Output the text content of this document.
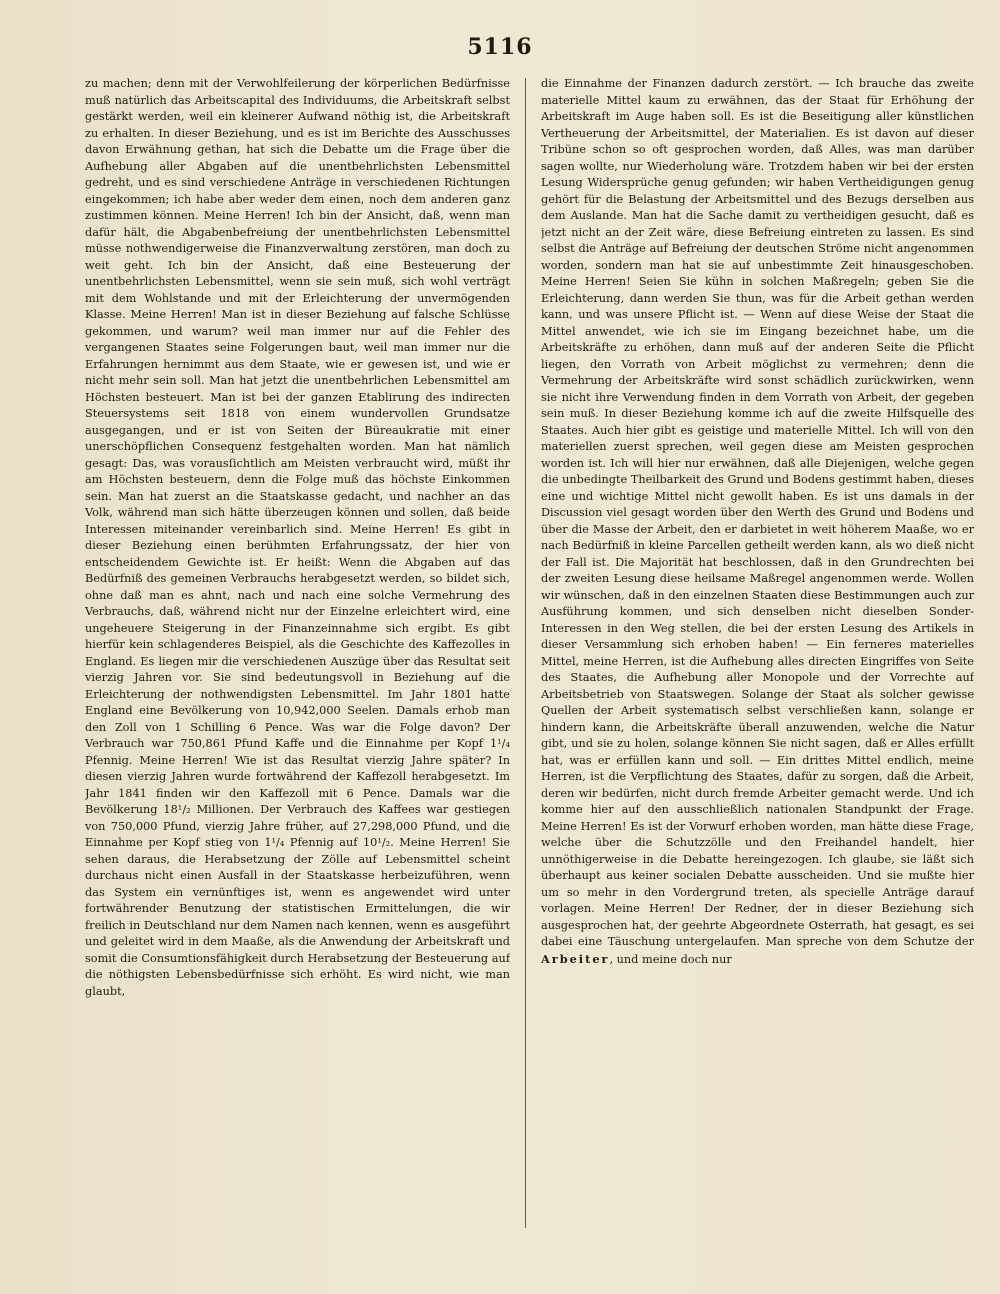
5116

zu machen; denn mit der Verwohlfeilerung der körperlichen Bedürfnisse muß natürlich das Arbeitscapital des Individuums, die Arbeitskraft selbst gestärkt werden, weil ein kleinerer Aufwand nöthig ist, die Arbeitskraft zu erhalten. In dieser Beziehung, und es ist im Berichte des Ausschusses davon Erwähnung gethan, hat sich die Debatte um die Frage über die Aufhebung aller Abgaben auf die unentbehrlichsten Lebensmittel gedreht, und es sind verschiedene Anträge in verschiedenen Richtungen eingekommen; ich habe aber weder dem einen, noch dem anderen ganz zustimmen können. Meine Herren! Ich bin der Ansicht, daß, wenn man dafür hält, die Abgabenbefreiung der unentbehrlichsten Lebensmittel müsse nothwendigerweise die Finanzverwaltung zerstören, man doch zu weit geht. Ich bin der Ansicht, daß eine Besteuerung der unentbehrlichsten Lebensmittel, wenn sie sein muß, sich wohl verträgt mit dem Wohlstande und mit der Erleichterung der unvermögenden Klasse. Meine Herren! Man ist in dieser Beziehung auf falsche Schlüsse gekommen, und warum? weil man immer nur auf die Fehler des vergangenen Staates seine Folgerungen baut, weil man immer nur die Erfahrungen hernimmt aus dem Staate, wie er gewesen ist, und wie er nicht mehr sein soll. Man hat jetzt die unentbehrlichen Lebensmittel am Höchsten besteuert. Man ist bei der ganzen Etablirung des indirecten Steuersystems seit 1818 von einem wundervollen Grundsatze ausgegangen, und er ist von Seiten der Büreaukratie mit einer unerschöpflichen Consequenz festgehalten worden. Man hat nämlich gesagt: Das, was vorausſichtlich am Meisten verbraucht wird, müßt ihr am Höchsten besteuern, denn die Folge muß das höchste Einkommen sein. Man hat zuerst an die Staatskasse gedacht, und nachher an das Volk, während man sich hätte überzeugen können und sollen, daß beide Interessen miteinander vereinbarlich sind. Meine Herren! Es gibt in dieser Beziehung einen berühmten Erfahrungssatz, der hier von entscheidendem Gewichte ist. Er heißt: Wenn die Abgaben auf das Bedürfniß des gemeinen Verbrauchs herabgesetzt werden, so bildet sich, ohne daß man es ahnt, nach und nach eine solche Vermehrung des Verbrauchs, daß, während nicht nur der Einzelne erleichtert wird, eine ungeheuere Steigerung in der Finanzeinnahme sich ergibt. Es gibt hierfür kein schlagenderes Beispiel, als die Geschichte des Kaffezolles in England. Es liegen mir die verschiedenen Auszüge über das Resultat seit vierzig Jahren vor. Sie sind bedeutungsvoll in Beziehung auf die Erleichterung der nothwendigsten Lebensmittel. Im Jahr 1801 hatte England eine Bevölkerung von 10,942,000 Seelen. Damals erhob man den Zoll von 1 Schilling 6 Pence. Was war die Folge davon? Der Verbrauch war 750,861 Pfund Kaffe und die Einnahme per Kopf 1¹/₄ Pfennig. Meine Herren! Wie ist das Resultat vierzig Jahre später? In diesen vierzig Jahren wurde fortwährend der Kaffezoll herabgesetzt. Im Jahr 1841 finden wir den Kaffezoll mit 6 Pence. Damals war die Bevölkerung 18¹/₂ Millionen. Der Verbrauch des Kaffees war gestiegen von 750,000 Pfund, vierzig Jahre früher, auf 27,298,000 Pfund, und die Einnahme per Kopf stieg von 1¹/₄ Pfennig auf 10¹/₂. Meine Herren! Sie sehen daraus, die Herabsetzung der Zölle auf Lebensmittel scheint durchaus nicht einen Ausfall in der Staatskasse herbeizuführen, wenn das System ein vernünftiges ist, wenn es angewendet wird unter fortwährender Benutzung der statistischen Ermittelungen, die wir freilich in Deutschland nur dem Namen nach kennen, wenn es ausgeführt und geleitet wird in dem Maaße, als die Anwendung der Arbeitskraft und somit die Consumtionsfähigkeit durch Herabsetzung der Besteuerung auf die nöthigsten Lebensbedürfnisse sich erhöht. Es wird nicht, wie man glaubt,

die Einnahme der Finanzen dadurch zerstört. — Ich brauche das zweite materielle Mittel kaum zu erwähnen, das der Staat für Erhöhung der Arbeitskraft im Auge haben soll. Es ist die Beseitigung aller künstlichen Vertheuerung der Arbeitsmittel, der Materialien. Es ist davon auf dieser Tribüne schon so oft gesprochen worden, daß Alles, was man darüber sagen wollte, nur Wiederholung wäre. Trotzdem haben wir bei der ersten Lesung Widersprüche genug gefunden; wir haben Vertheidigungen genug gehört für die Belastung der Arbeitsmittel und des Bezugs derselben aus dem Auslande. Man hat die Sache damit zu vertheidigen gesucht, daß es jetzt nicht an der Zeit wäre, diese Befreiung eintreten zu lassen. Es sind selbst die Anträge auf Befreiung der deutschen Ströme nicht angenommen worden, sondern man hat sie auf unbestimmte Zeit hinausgeschoben. Meine Herren! Seien Sie kühn in solchen Maßregeln; geben Sie die Erleichterung, dann werden Sie thun, was für die Arbeit gethan werden kann, und was unsere Pflicht ist. — Wenn auf diese Weise der Staat die Mittel anwendet, wie ich sie im Eingang bezeichnet habe, um die Arbeitskräfte zu erhöhen, dann muß auf der anderen Seite die Pflicht liegen, den Vorrath von Arbeit möglichst zu vermehren; denn die Vermehrung der Arbeitskräfte wird sonst schädlich zurückwirken, wenn sie nicht ihre Verwendung finden in dem Vorrath von Arbeit, der gegeben sein muß. In dieser Beziehung komme ich auf die zweite Hilfsquelle des Staates. Auch hier gibt es geistige und materielle Mittel. Ich will von den materiellen zuerst sprechen, weil gegen diese am Meisten gesprochen worden ist. Ich will hier nur erwähnen, daß alle Diejenigen, welche gegen die unbedingte Theilbarkeit des Grund und Bodens gestimmt haben, dieses eine und wichtige Mittel nicht gewollt haben. Es ist uns damals in der Discussion viel gesagt worden über den Werth des Grund und Bodens und über die Masse der Arbeit, den er darbietet in weit höherem Maaße, wo er nach Bedürfniß in kleine Parcellen getheilt werden kann, als wo dieß nicht der Fall ist. Die Majorität hat beschlossen, daß in den Grundrechten bei der zweiten Lesung diese heilsame Maßregel angenommen werde. Wollen wir wünschen, daß in den einzelnen Staaten diese Bestimmungen auch zur Ausführung kommen, und sich denselben nicht dieselben Sonder-Interessen in den Weg stellen, die bei der ersten Lesung des Artikels in dieser Versammlung sich erhoben haben! — Ein ferneres materielles Mittel, meine Herren, ist die Aufhebung alles directen Eingriffes von Seite des Staates, die Aufhebung aller Monopole und der Vorrechte auf Arbeitsbetrieb von Staatswegen. Solange der Staat als solcher gewisse Quellen der Arbeit systematisch selbst verschließen kann, solange er hindern kann, die Arbeitskräfte überall anzuwenden, welche die Natur gibt, und sie zu holen, solange können Sie nicht sagen, daß er Alles erfüllt hat, was er erfüllen kann und soll. — Ein drittes Mittel endlich, meine Herren, ist die Verpflichtung des Staates, dafür zu sorgen, daß die Arbeit, deren wir bedürfen, nicht durch fremde Arbeiter gemacht werde. Und ich komme hier auf den ausschließlich nationalen Standpunkt der Frage. Meine Herren! Es ist der Vorwurf erhoben worden, man hätte diese Frage, welche über die Schutzzölle und den Freihandel handelt, hier unnöthigerweise in die Debatte hereingezogen. Ich glaube, sie läßt sich überhaupt aus keiner socialen Debatte ausscheiden. Und sie mußte hier um so mehr in den Vordergrund treten, als specielle Anträge darauf vorlagen. Meine Herren! Der Redner, der in dieser Beziehung sich ausgesprochen hat, der geehrte Abgeordnete Osterrath, hat gesagt, es sei dabei eine Täuschung untergelaufen. Man spreche von dem Schutze der Arbeiter, und meine doch nur
